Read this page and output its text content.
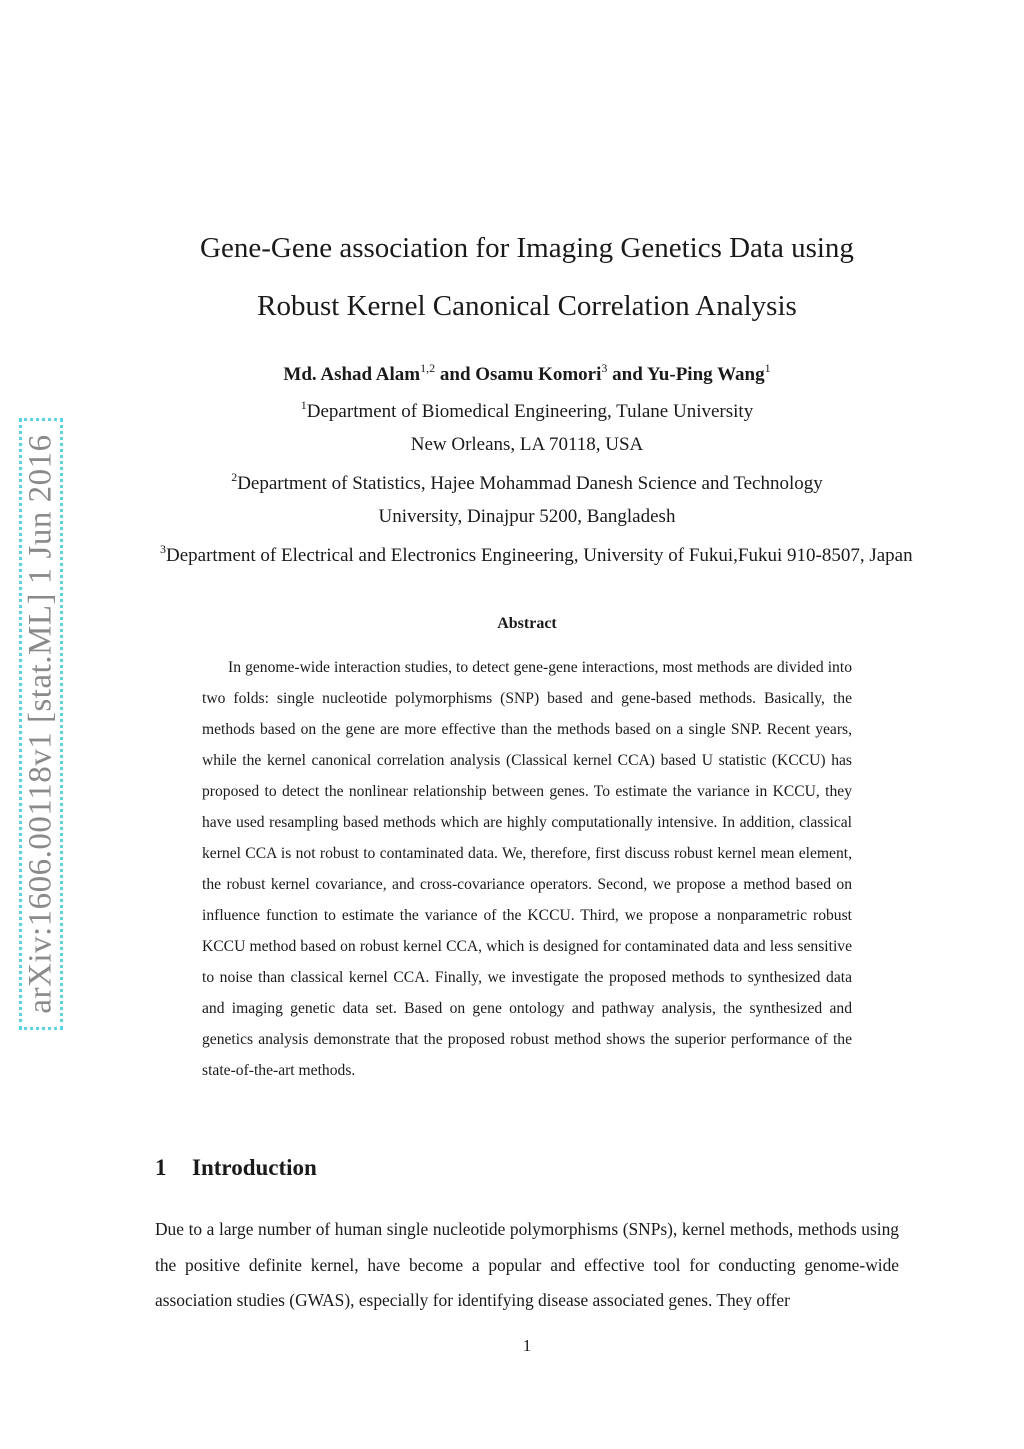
arXiv:1606.00118v1 [stat.ML] 1 Jun 2016
Gene-Gene association for Imaging Genetics Data using
Robust Kernel Canonical Correlation Analysis
Md. Ashad Alam$^{1,2}$ and Osamu Komori$^3$ and Yu-Ping Wang$^1$
$^1$Department of Biomedical Engineering, Tulane University
New Orleans, LA 70118, USA
$^2$Department of Statistics, Hajee Mohammad Danesh Science and Technology
University, Dinajpur 5200, Bangladesh
$^3$Department of Electrical and Electronics Engineering, University of Fukui,Fukui 910-8507, Japan
Abstract

In genome-wide interaction studies, to detect gene-gene interactions, most methods are divided into two folds: single nucleotide polymorphisms (SNP) based and gene-based methods. Basically, the methods based on the gene are more effective than the methods based on a single SNP. Recent years, while the kernel canonical correlation analysis (Classical kernel CCA) based U statistic (KCCU) has proposed to detect the nonlinear relationship between genes. To estimate the variance in KCCU, they have used resampling based methods which are highly computationally intensive. In addition, classical kernel CCA is not robust to contaminated data. We, therefore, first discuss robust kernel mean element, the robust kernel covariance, and cross-covariance operators. Second, we propose a method based on influence function to estimate the variance of the KCCU. Third, we propose a nonparametric robust KCCU method based on robust kernel CCA, which is designed for contaminated data and less sensitive to noise than classical kernel CCA. Finally, we investigate the proposed methods to synthesized data and imaging genetic data set. Based on gene ontology and pathway analysis, the synthesized and genetics analysis demonstrate that the proposed robust method shows the superior performance of the state-of-the-art methods.

1 Introduction

Due to a large number of human single nucleotide polymorphisms (SNPs), kernel methods, methods using the positive definite kernel, have become a popular and effective tool for conducting genome-wide association studies (GWAS), especially for identifying disease associated genes. They offer

1
